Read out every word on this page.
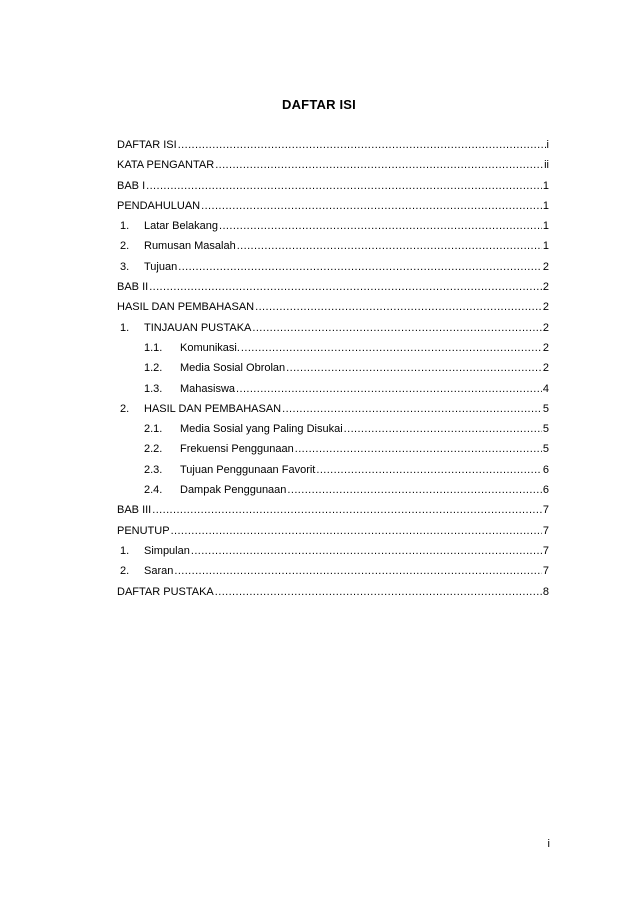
DAFTAR ISI
DAFTAR ISI .....	i
KATA PENGANTAR .....	ii
BAB I .....	1
PENDAHULUAN .....	1
1.	Latar Belakang .....	1
2.	Rumusan Masalah .....	1
3.	Tujuan .....	2
BAB II .....	2
HASIL DAN PEMBAHASAN .....	2
1.	TINJAUAN PUSTAKA .....	2
1.1.	Komunikasi. .....	2
1.2.	Media Sosial Obrolan .....	2
1.3.	Mahasiswa .....	4
2.	HASIL DAN PEMBAHASAN .....	5
2.1.	Media Sosial yang Paling Disukai .....	5
2.2.	Frekuensi Penggunaan .....	5
2.3.	Tujuan Penggunaan Favorit .....	6
2.4.	Dampak Penggunaan .....	6
BAB III .....	7
PENUTUP .....	7
1.	Simpulan .....	7
2.	Saran .....	7
DAFTAR PUSTAKA .....	8
i
